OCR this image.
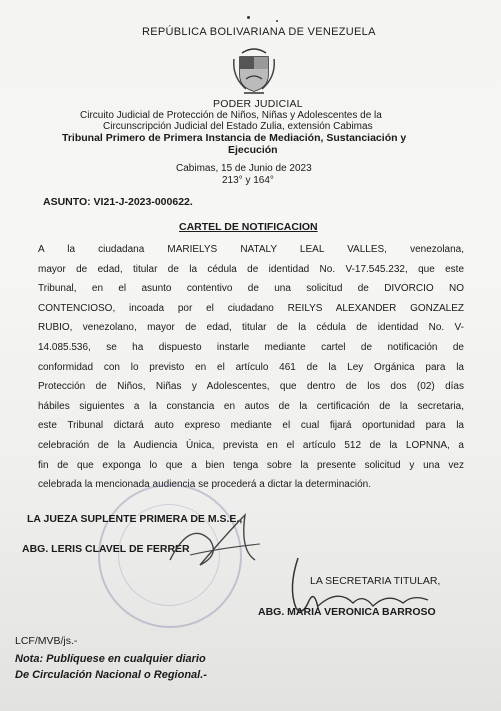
REPÚBLICA BOLIVARIANA DE VENEZUELA
PODER JUDICIAL
Circuito Judicial de Protección de Niños, Niñas y Adolescentes de la
Circunscripción Judicial del Estado Zulia, extensión Cabimas
Tribunal Primero de Primera Instancia de Mediación, Sustanciación y
Ejecución
Cabimas, 15 de Junio de 2023
213° y 164°
ASUNTO: VI21-J-2023-000622.
CARTEL DE NOTIFICACION
A la ciudadana MARIELYS NATALY LEAL VALLES, venezolana,
mayor de edad, titular de la cédula de identidad No. V-17.545.232, que este
Tribunal, en el asunto contentivo de una solicitud de DIVORCIO NO
CONTENCIOSO, incoada por el ciudadano REILYS ALEXANDER GONZALEZ
RUBIO, venezolano, mayor de edad, titular de la cédula de identidad No. V-
14.085.536, se ha dispuesto instarle mediante cartel de notificación de
conformidad con lo previsto en el artículo 461 de la Ley Orgánica para la
Protección de Niños, Niñas y Adolescentes, que dentro de los dos (02) días
hábiles siguientes a la constancia en autos de la certificación de la secretaria,
este Tribunal dictará auto expreso mediante el cual fijará oportunidad para la
celebración de la Audiencia Única, prevista en el artículo 512 de la LOPNNA, a
fin de que exponga lo que a bien tenga sobre la presente solicitud y una vez
celebrada la mencionada audiencia se procederá a dictar la determinación.
LA JUEZA SUPLENTE PRIMERA DE M.S.E.,
ABG. LERIS CLAVEL DE FERRER
LA SECRETARIA TITULAR,
ABG. MARIA VERONICA BARROSO
LCF/MVB/js.-
Nota: Publíquese en cualquier diario
De Circulación Nacional o Regional.-
